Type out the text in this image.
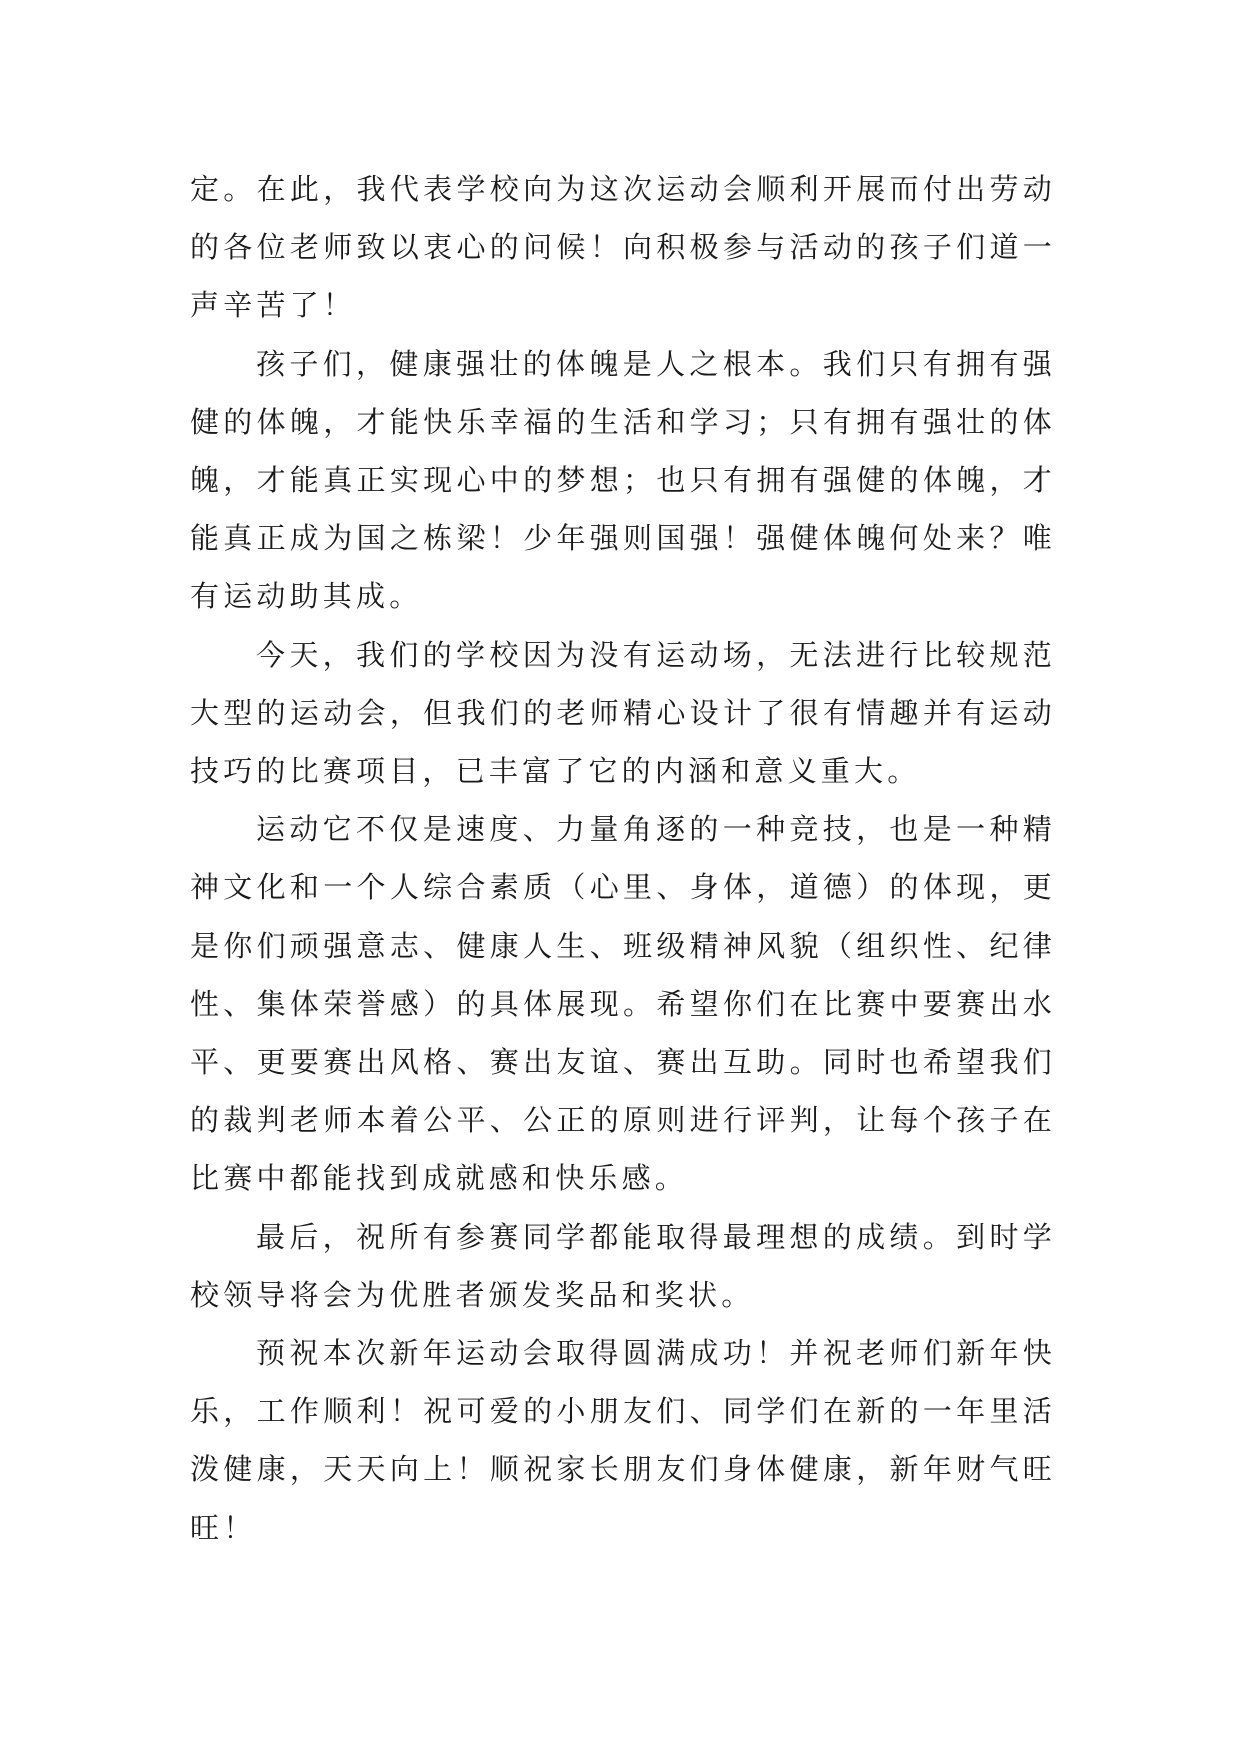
定。在此，我代表学校向为这次运动会顺利开展而付出劳动的各位老师致以衷心的问候！向积极参与活动的孩子们道一声辛苦了！

孩子们，健康强壮的体魄是人之根本。我们只有拥有强健的体魄，才能快乐幸福的生活和学习；只有拥有强壮的体魄，才能真正实现心中的梦想；也只有拥有强健的体魄，才能真正成为国之栋梁！少年强则国强！强健体魄何处来？唯有运动助其成。

今天，我们的学校因为没有运动场，无法进行比较规范大型的运动会，但我们的老师精心设计了很有情趣并有运动技巧的比赛项目，已丰富了它的内涵和意义重大。

运动它不仅是速度、力量角逐的一种竞技，也是一种精神文化和一个人综合素质（心里、身体，道德）的体现，更是你们顽强意志、健康人生、班级精神风貌（组织性、纪律性、集体荣誉感）的具体展现。希望你们在比赛中要赛出水平、更要赛出风格、赛出友谊、赛出互助。同时也希望我们的裁判老师本着公平、公正的原则进行评判，让每个孩子在比赛中都能找到成就感和快乐感。

最后，祝所有参赛同学都能取得最理想的成绩。到时学校领导将会为优胜者颁发奖品和奖状。

预祝本次新年运动会取得圆满成功！并祝老师们新年快乐，工作顺利！祝可爱的小朋友们、同学们在新的一年里活泼健康，天天向上！顺祝家长朋友们身体健康，新年财气旺旺！
